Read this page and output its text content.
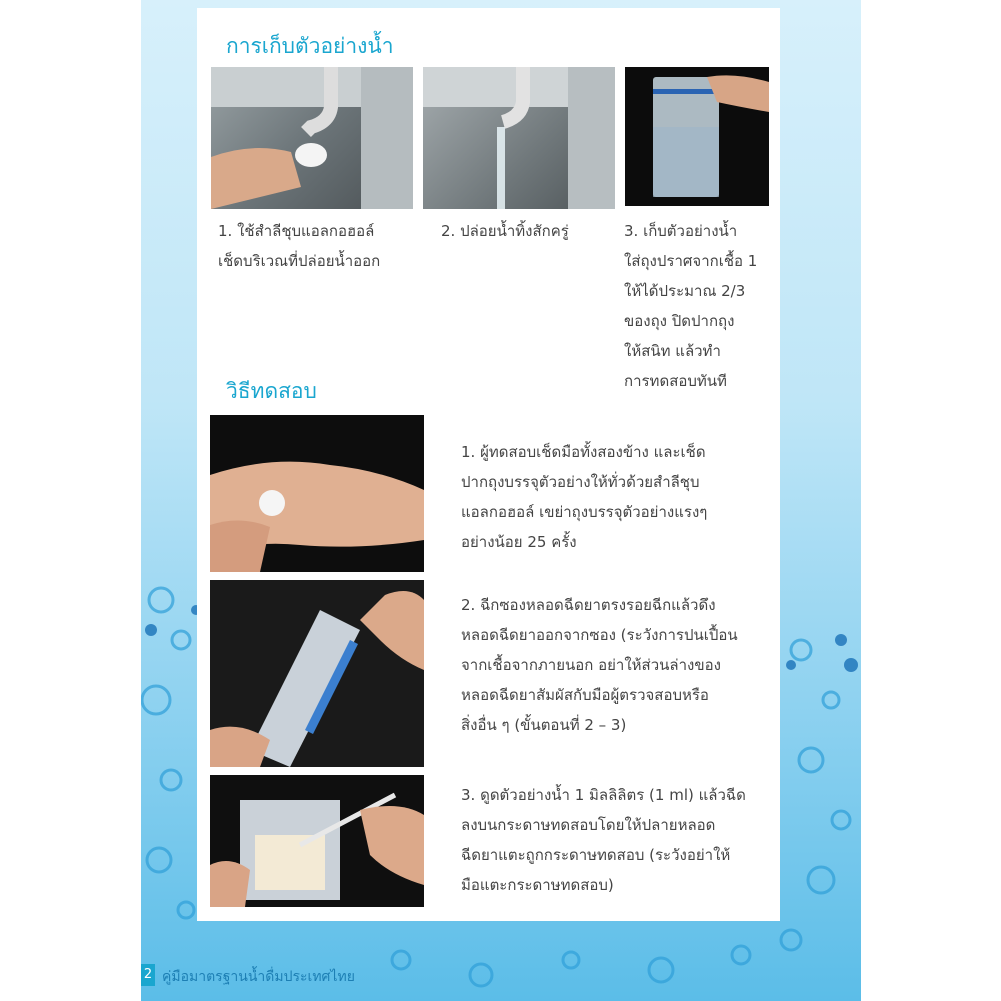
การเก็บตัวอย่างน้ำ
1. ใช้สำลีชุบแอลกอฮอล์
เช็ดบริเวณที่ปล่อยน้ำออก
2. ปล่อยน้ำทิ้งสักครู่	3. เก็บตัวอย่างน้ำ
ใส่ถุงปราศจากเชื้อ 1
ให้ได้ประมาณ 2/3
ของถุง ปิดปากถุง
ให้สนิท แล้วทำ
การทดสอบทันที
วิธีทดสอบ
1. ผู้ทดสอบเช็ดมือทั้งสองข้าง และเช็ด
ปากถุงบรรจุตัวอย่างให้ทั่วด้วยสำลีชุบ
แอลกอฮอล์ เขย่าถุงบรรจุตัวอย่างแรงๆ
อย่างน้อย 25 ครั้ง
2. ฉีกซองหลอดฉีดยาตรงรอยฉีกแล้วดึง
หลอดฉีดยาออกจากซอง (ระวังการปนเปื้อน
จากเชื้อจากภายนอก อย่าให้ส่วนล่างของ
หลอดฉีดยาสัมผัสกับมือผู้ตรวจสอบหรือ
สิ่งอื่น ๆ (ขั้นตอนที่ 2 – 3)
3. ดูดตัวอย่างน้ำ 1 มิลลิลิตร (1 ml) แล้วฉีด
ลงบนกระดาษทดสอบโดยให้ปลายหลอด
ฉีดยาแตะถูกกระดาษทดสอบ (ระวังอย่าให้
มือแตะกระดาษทดสอบ)
2 คู่มือมาตรฐานน้ำดื่มประเทศไทย
